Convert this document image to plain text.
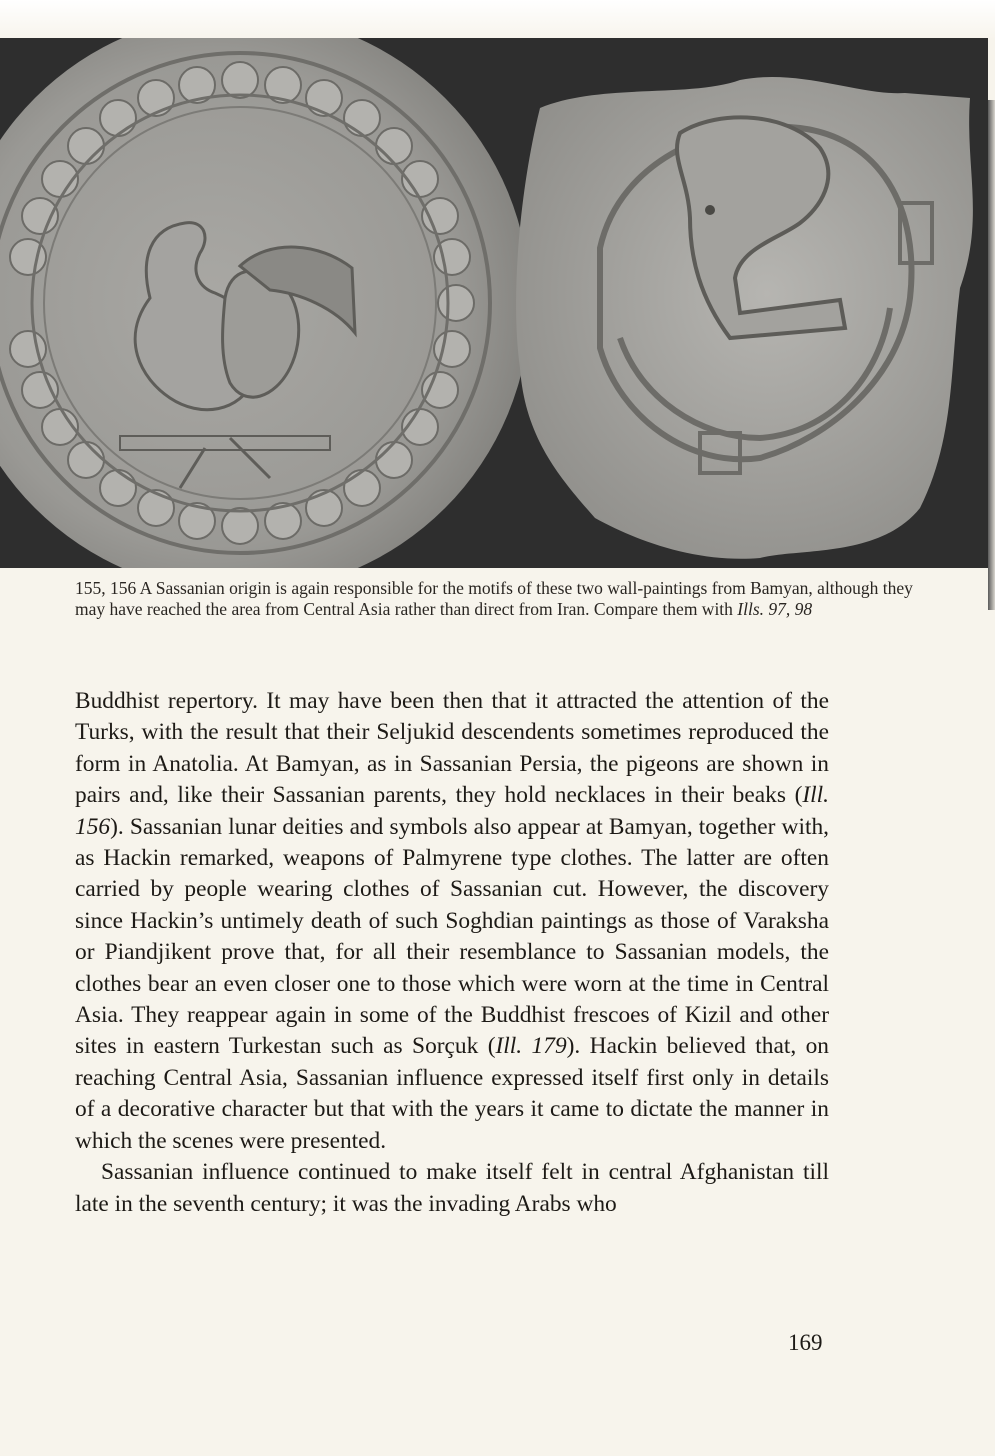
155, 156 A Sassanian origin is again responsible for the motifs of these two wall-paintings from Bamyan, although they may have reached the area from Central Asia rather than direct from Iran. Compare them with Ills. 97, 98

Buddhist repertory. It may have been then that it attracted the attention of the Turks, with the result that their Seljukid descendents sometimes reproduced the form in Anatolia. At Bamyan, as in Sassanian Persia, the pigeons are shown in pairs and, like their Sassanian parents, they hold necklaces in their beaks (Ill. 156). Sassanian lunar deities and symbols also appear at Bamyan, together with, as Hackin remarked, weapons of Palmyrene type clothes. The latter are often carried by people wearing clothes of Sassanian cut. However, the discovery since Hackin’s untimely death of such Soghdian paintings as those of Varaksha or Piandjikent prove that, for all their resemblance to Sassanian models, the clothes bear an even closer one to those which were worn at the time in Central Asia. They reappear again in some of the Buddhist frescoes of Kizil and other sites in eastern Turkestan such as Sorçuk (Ill. 179). Hackin believed that, on reaching Central Asia, Sassanian influence expressed itself first only in details of a decorative character but that with the years it came to dictate the manner in which the scenes were presented.

Sassanian influence continued to make itself felt in central Afghanistan till late in the seventh century; it was the invading Arabs who

169
